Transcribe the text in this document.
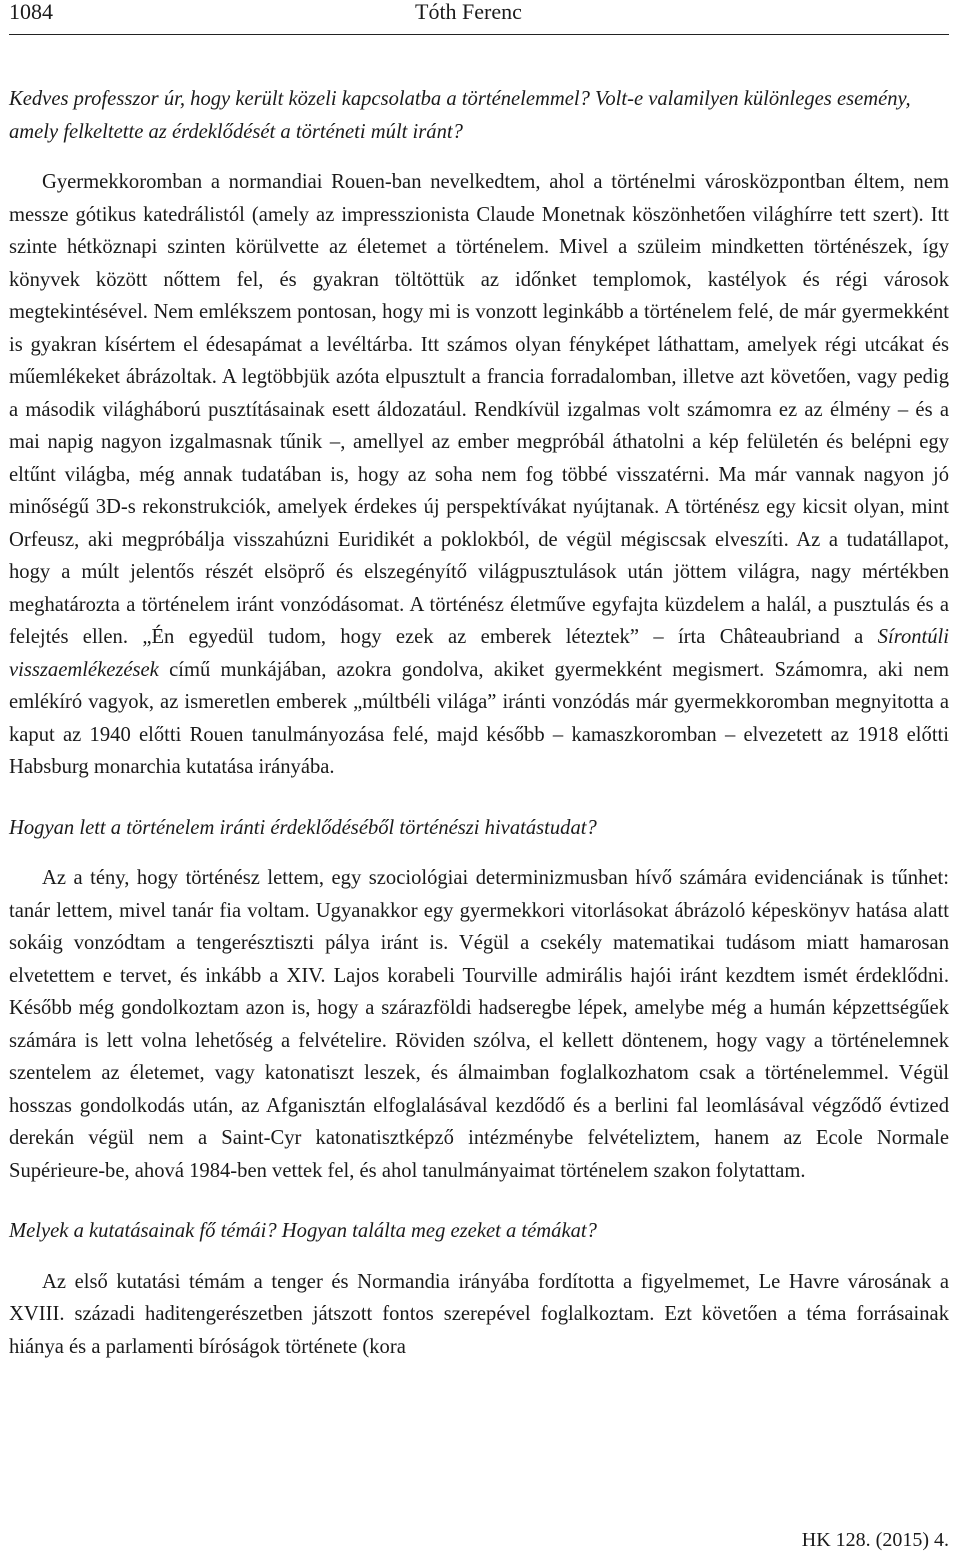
1084	Tóth Ferenc

Kedves professzor úr, hogy került közeli kapcsolatba a történelemmel? Volt-e valamilyen különleges esemény, amely felkeltette az érdeklődését a történeti múlt iránt?

Gyermekkoromban a normandiai Rouen-ban nevelkedtem, ahol a történelmi városközpontban éltem, nem messze gótikus katedrálistól (amely az impresszionista Claude Monetnak köszönhetően világhírre tett szert). Itt szinte hétköznapi szinten körülvette az életemet a történelem. Mivel a szüleim mindketten történészek, így könyvek között nőttem fel, és gyakran töltöttük az időnket templomok, kastélyok és régi városok megtekintésével. Nem emlékszem pontosan, hogy mi is vonzott leginkább a történelem felé, de már gyermekként is gyakran kísértem el édesapámat a levéltárba. Itt számos olyan fényképet láthattam, amelyek régi utcákat és műemlékeket ábrázoltak. A legtöbbjük azóta elpusztult a francia forradalomban, illetve azt követően, vagy pedig a második világháború pusztításainak esett áldozatául. Rendkívül izgalmas volt számomra ez az élmény – és a mai napig nagyon izgalmasnak tűnik –, amellyel az ember megpróbál áthatolni a kép felületén és belépni egy eltűnt világba, még annak tudatában is, hogy az soha nem fog többé visszatérni. Ma már vannak nagyon jó minőségű 3D-s rekonstrukciók, amelyek érdekes új perspektívákat nyújtanak. A történész egy kicsit olyan, mint Orfeusz, aki megpróbálja visszahúzni Euridikét a poklokból, de végül mégiscsak elveszíti. Az a tudatállapot, hogy a múlt jelentős részét elsöprő és elszegényítő világpusztulások után jöttem világra, nagy mértékben meghatározta a történelem iránt vonzódásomat. A történész életműve egyfajta küzdelem a halál, a pusztulás és a felejtés ellen. „Én egyedül tudom, hogy ezek az emberek léteztek” – írta Châteaubriand a Sírontúli visszaemlékezések című munkájában, azokra gondolva, akiket gyermekként megismert. Számomra, aki nem emlékíró vagyok, az ismeretlen emberek „múltbéli világa” iránti vonzódás már gyermekkoromban megnyitotta a kaput az 1940 előtti Rouen tanulmányozása felé, majd később – kamaszkoromban – elvezetett az 1918 előtti Habsburg monarchia kutatása irányába.

Hogyan lett a történelem iránti érdeklődéséből történészi hivatástudat?

Az a tény, hogy történész lettem, egy szociológiai determinizmusban hívő számára evidenciának is tűnhet: tanár lettem, mivel tanár fia voltam. Ugyanakkor egy gyermekkori vitorlásokat ábrázoló képeskönyv hatása alatt sokáig vonzódtam a tengerésztiszti pálya iránt is. Végül a csekély matematikai tudásom miatt hamarosan elvetettem e tervet, és inkább a XIV. Lajos korabeli Tourville admirális hajói iránt kezdtem ismét érdeklődni. Később még gondolkoztam azon is, hogy a szárazföldi hadseregbe lépek, amelybe még a humán képzettségűek számára is lett volna lehetőség a felvételire. Röviden szólva, el kellett döntenem, hogy vagy a történelemnek szentelem az életemet, vagy katonatiszt leszek, és álmaimban foglalkozhatom csak a történelemmel. Végül hosszas gondolkodás után, az Afganisztán elfoglalásával kezdődő és a berlini fal leomlásával végződő évtized derekán végül nem a Saint-Cyr katonatisztképző intézménybe felvételiztem, hanem az Ecole Normale Supérieure-be, ahová 1984-ben vettek fel, és ahol tanulmányaimat történelem szakon folytattam.

Melyek a kutatásainak fő témái? Hogyan találta meg ezeket a témákat?

Az első kutatási témám a tenger és Normandia irányába fordította a figyelmemet, Le Havre városának a XVIII. századi haditengerészetben játszott fontos szerepével foglalkoztam. Ezt követően a téma forrásainak hiánya és a parlamenti bíróságok története (kora

HK 128. (2015) 4.
